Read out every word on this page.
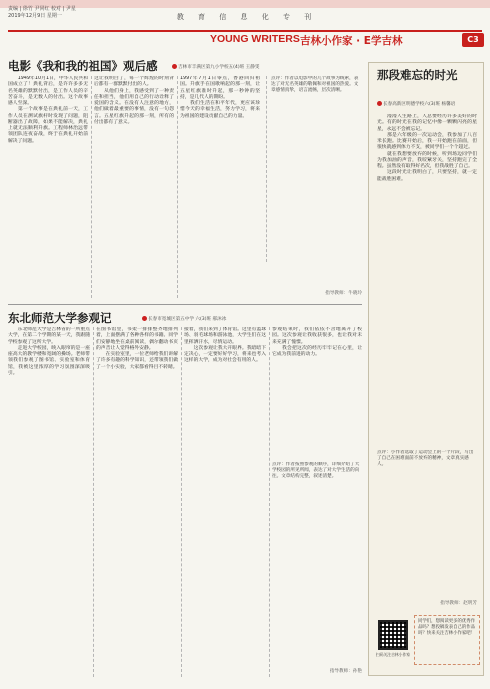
责编 | 徐竹 尹同红 校对 | 尹星
2019年12月9日 星期一	教 育 信 息 化 专 刊
YOUNG WRITERS 吉林小作家 · E学吉林	C3
电影《我和我的祖国》观后感	吉林市丰满区第九小学校五(4)班 王静雯
　　1949年10月1日，中华人民共和国成立了！典礼背后，是许许多多无名英雄的默默付出，是工作人员的辛苦奋斗，是无数人的付出。这个故事感人至深。
　　第一个故事是在典礼前一天，工作人员在测试旗杆时发现了问题，阻断器出了故障，如果不能解决，典礼上就无法顺利升旗。工程师林治远带领团队连夜奋战，终于在典礼开始前解决了问题。
这让我明白了，每一个辉煌的时刻背后都有一群默默付出的人。
　　从他们身上，我感受到了一种责任和担当，他们用自己的行动诠释了爱国的含义。在没有人注意的地方，他们做着最重要的事情，没有一句怨言。五星红旗升起的那一刻，所有的付出都有了意义。
1997年7月1日零点，香港回归祖国。升旗手在国歌响起的那一刻，让五星红旗准时升起，那一秒钟的坚持，是几代人的期盼。
　　我们生活在和平年代，更应该珍惜今天的幸福生活，努力学习，将来为祖国的建设贡献自己的力量。
点评：作者以电影中的几个故事为线索，表达了对无名英雄的敬佩和对祖国的热爱。文章感情真挚，语言流畅，层次清晰。
指导教师：牛晓玲
东北师范大学参观记	长春市宽城区第五中学 六(3)班 郝沐冰
　　东北师范大学是吉林省的一所重点大学，在第二个学期的某一天，我跟随学校参观了这所大学。
　　走进大学校园，映入眼帘的是一座座高大的教学楼和宽阔的操场。老师带领我们参观了图书馆、实验室和体育馆，我被这里浓厚的学习氛围深深吸引。
在图书馆里，书架一排排整齐地排列着，上面摆满了各种各样的书籍。同学们安静地坐在桌前阅读，偶尔翻动书页的声音让人觉得格外安静。
　　在实验室里，一位老师给我们讲解了许多有趣的科学知识，还带领我们做了一个小实验，大家都看得目不转睛。
接着，我们来到了体育馆。这里有篮球场、羽毛球场和游泳池，大学生们在这里挥洒汗水，尽情运动。
　　这次参观让我大开眼界。我暗暗下定决心，一定要好好学习，将来也考入这样的大学，成为对社会有用的人。
参观结束时，我们依依不舍地离开了校园。这次参观让我收获很多，也让我对未来充满了憧憬。
　　我会把这次的经历牢牢记在心里，让它成为我前进的动力。
点评：作者按照参观的顺序，详细介绍了大学校园的所见所闻，表达了对大学生活的向往。文章结构完整，叙述清楚。
指导教师：孙艳
那段难忘的时光
长春高新区明德学校六(3)班 杨馨语
　　漫漫人生路上，人总要经历许多美好的时光。有的时光在我的记忆中像一颗颗闪亮的星星，永远不会被忘记。
　　那是六年级的一次运动会，我参加了八百米长跑。比赛开始后，我一开始跑在前面，但很快就感到体力不支，被同学们一个个超过。
　　就在我想要放弃的时候，听到场边同学们为我加油的声音，我咬紧牙关，坚持跑完了全程。虽然没有取得好名次，但我战胜了自己。
　　这段时光让我明白了，只要坚持，就一定能战胜困难。
点评：小作者选取了运动会上的一个片段，写出了自己在困难面前不放弃的精神，文章真实感人。
指导教师：赵明芳
扫码关注吉林小作家
同学们，想阅读更多的优秀作品吗？想投稿发表自己的作品吗？快来关注吉林小作家吧！
